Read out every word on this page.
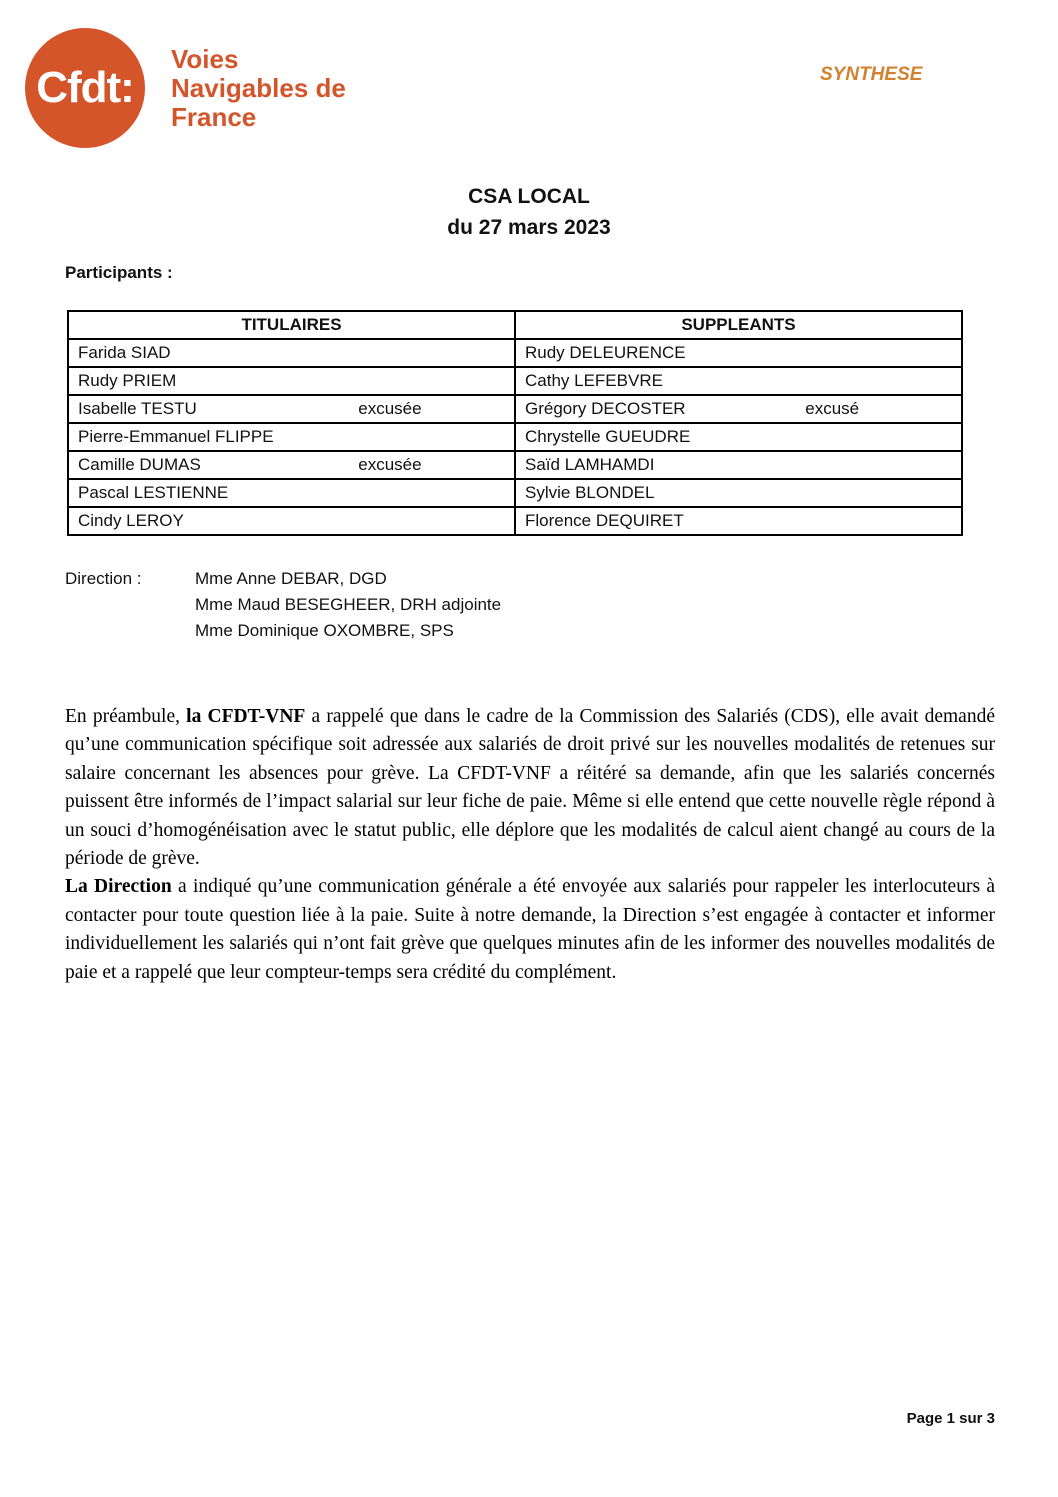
Cfdt:
Voies
Navigables de
France
SYNTHESE
CSA LOCAL
du 27 mars 2023
Participants :
TITULAIRES	SUPPLEANTS
Farida SIAD	Rudy DELEURENCE
Rudy PRIEM	Cathy LEFEBVRE
Isabelle TESTU excusée	Grégory DECOSTER excusé

Pierre-Emmanuel FLIPPE	Chrystelle GUEUDRE
Camille DUMAS excusée	Saïd LAMHAMDI
Pascal LESTIENNE	Sylvie BLONDEL
Cindy LEROY	Florence DEQUIRET
Direction :	Mme Anne DEBAR, DGD
Mme Maud BESEGHEER, DRH adjointe
Mme Dominique OXOMBRE, SPS

En préambule, la CFDT-VNF a rappelé que dans le cadre de la Commission des Salariés (CDS), elle avait demandé qu’une communication spécifique soit adressée aux salariés de droit privé sur les nouvelles modalités de retenues sur salaire concernant les absences pour grève. La CFDT-VNF a réitéré sa demande, afin que les salariés concernés puissent être informés de l’impact salarial sur leur fiche de paie. Même si elle entend que cette nouvelle règle répond à un souci d’homogénéisation avec le statut public, elle déplore que les modalités de calcul aient changé au cours de la période de grève.

La Direction a indiqué qu’une communication générale a été envoyée aux salariés pour rappeler les interlocuteurs à contacter pour toute question liée à la paie. Suite à notre demande, la Direction s’est engagée à contacter et informer individuellement les salariés qui n’ont fait grève que quelques minutes afin de les informer des nouvelles modalités de paie et a rappelé que leur compteur-temps sera crédité du complément.

Page 1 sur 3
